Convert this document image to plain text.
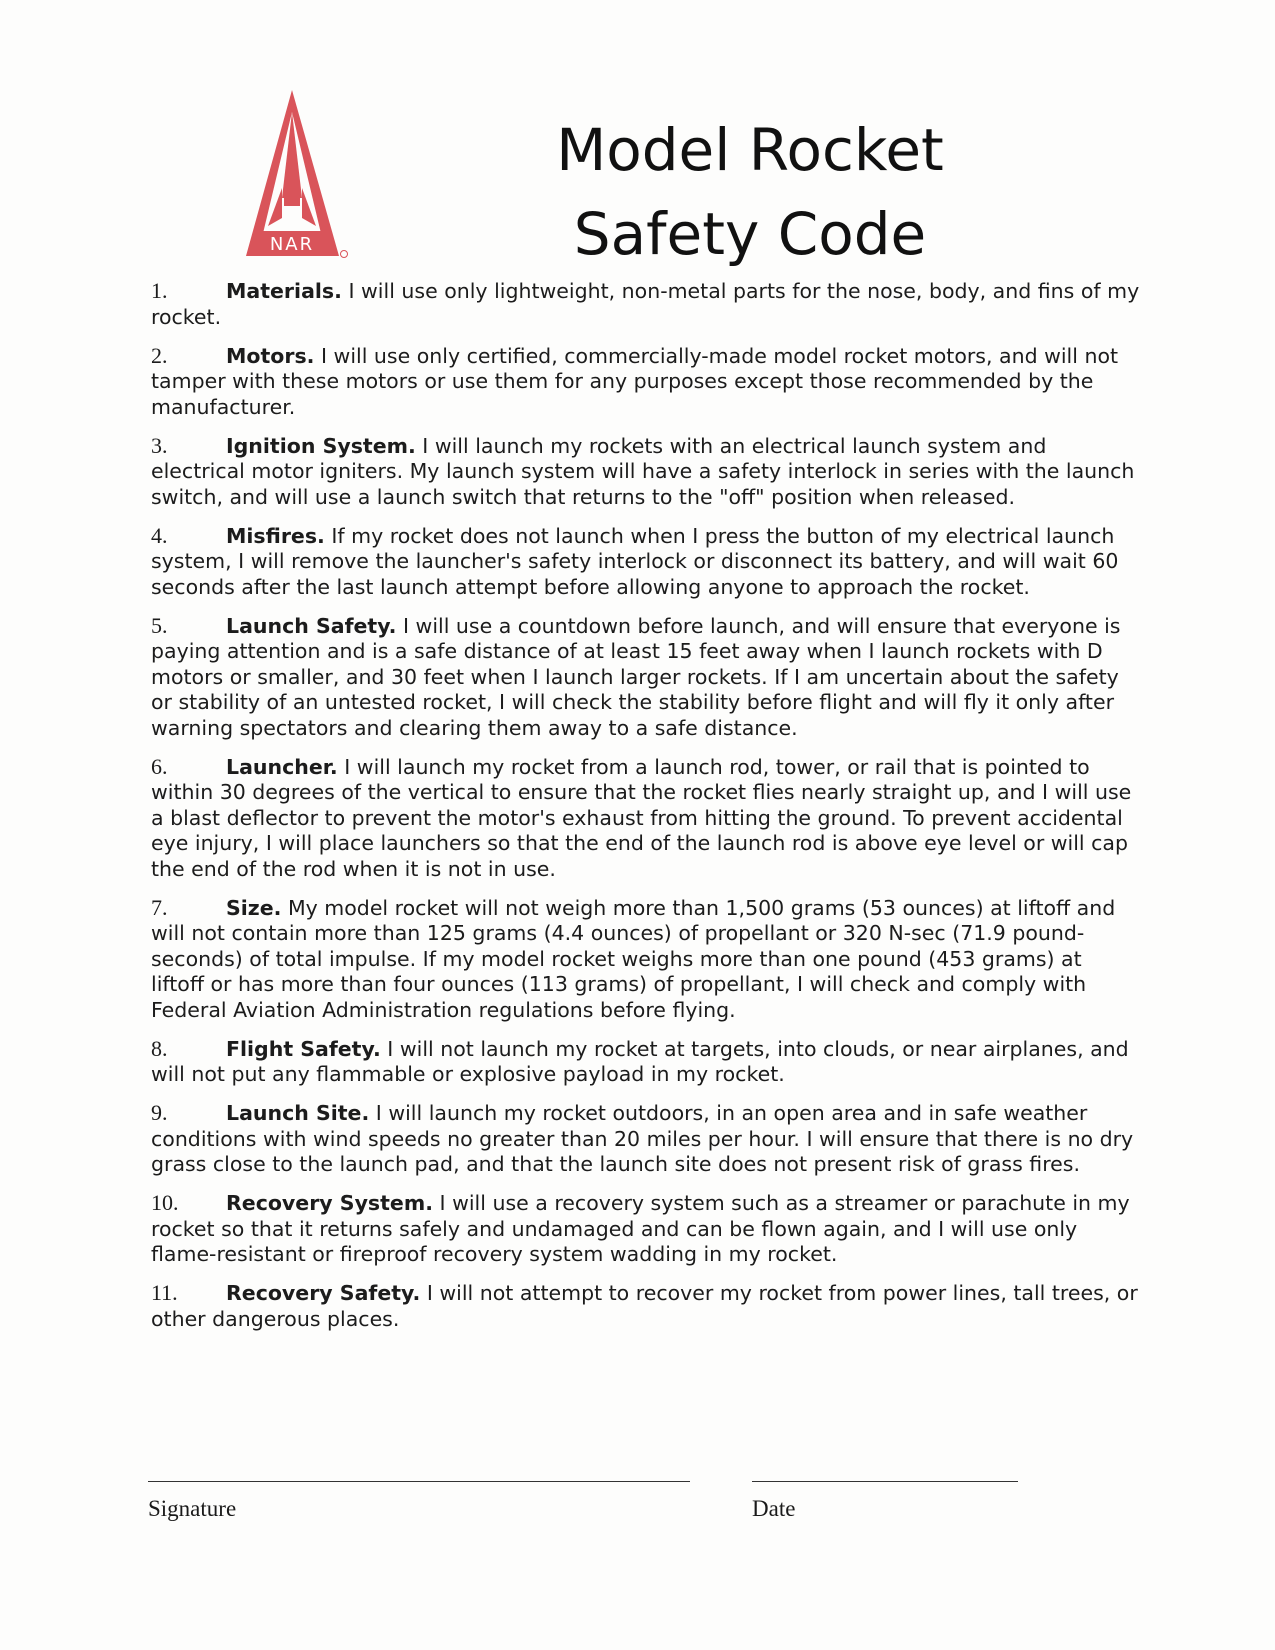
NAR
Model Rocket
Safety Code

1.	Materials. I will use only lightweight, non-metal parts for the nose, body, and fins of my rocket.

2.	Motors. I will use only certified, commercially-made model rocket motors, and will not tamper with these motors or use them for any purposes except those recommended by the manufacturer.

3.	Ignition System. I will launch my rockets with an electrical launch system and electrical motor igniters. My launch system will have a safety interlock in series with the launch switch, and will use a launch switch that returns to the "off" position when released.

4.	Misfires. If my rocket does not launch when I press the button of my electrical launch system, I will remove the launcher's safety interlock or disconnect its battery, and will wait 60 seconds after the last launch attempt before allowing anyone to approach the rocket.

5.	Launch Safety. I will use a countdown before launch, and will ensure that everyone is paying attention and is a safe distance of at least 15 feet away when I launch rockets with D motors or smaller, and 30 feet when I launch larger rockets. If I am uncertain about the safety or stability of an untested rocket, I will check the stability before flight and will fly it only after warning spectators and clearing them away to a safe distance.

6.	Launcher. I will launch my rocket from a launch rod, tower, or rail that is pointed to within 30 degrees of the vertical to ensure that the rocket flies nearly straight up, and I will use a blast deflector to prevent the motor's exhaust from hitting the ground. To prevent accidental eye injury, I will place launchers so that the end of the launch rod is above eye level or will cap the end of the rod when it is not in use.

7.	Size. My model rocket will not weigh more than 1,500 grams (53 ounces) at liftoff and will not contain more than 125 grams (4.4 ounces) of propellant or 320 N-sec (71.9 pound-seconds) of total impulse. If my model rocket weighs more than one pound (453 grams) at liftoff or has more than four ounces (113 grams) of propellant, I will check and comply with Federal Aviation Administration regulations before flying.

8.	Flight Safety. I will not launch my rocket at targets, into clouds, or near airplanes, and will not put any flammable or explosive payload in my rocket.

9.	Launch Site. I will launch my rocket outdoors, in an open area and in safe weather conditions with wind speeds no greater than 20 miles per hour. I will ensure that there is no dry grass close to the launch pad, and that the launch site does not present risk of grass fires.

10. Recovery System. I will use a recovery system such as a streamer or parachute in my rocket so that it returns safely and undamaged and can be flown again, and I will use only flame-resistant or fireproof recovery system wadding in my rocket.

11. Recovery Safety. I will not attempt to recover my rocket from power lines, tall trees, or other dangerous places.

Signature	Date
